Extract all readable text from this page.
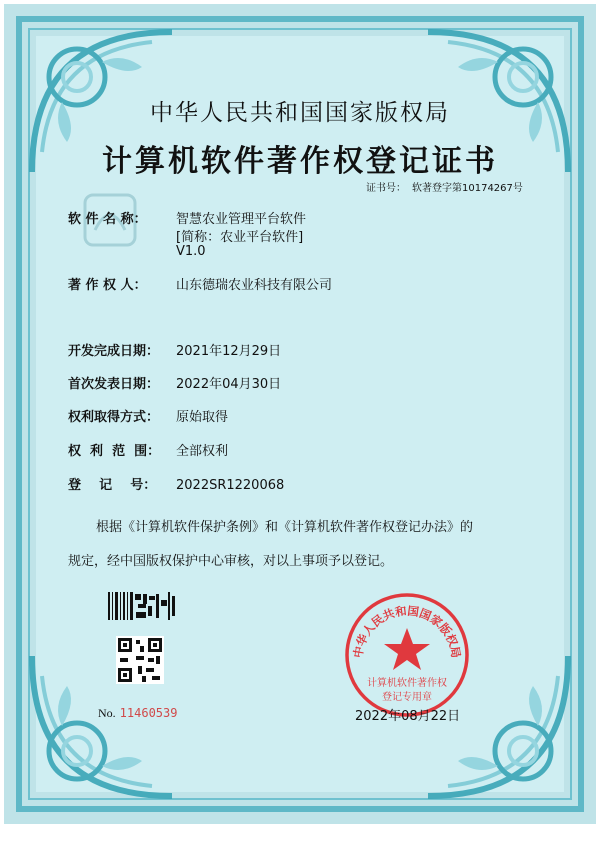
中华人民共和国国家版权局
计算机软件著作权登记证书
证书号： 软著登字第10174267号
软 件 名 称： 智慧农业管理平台软件
[简称：农业平台软件]
V1.0
著 作 权 人： 山东德瑞农业科技有限公司
开发完成日期： 2021年12月29日
首次发表日期： 2022年04月30日
权利取得方式： 原始取得
权  利  范  围： 全部权利
登    记    号： 2022SR1220068
根据《计算机软件保护条例》和《计算机软件著作权登记办法》的
规定，经中国版权保护中心审核，对以上事项予以登记。
No. 11460539
中华人民共和国国家版权局
计算机软件著作权
登记专用章
2022年08月22日
